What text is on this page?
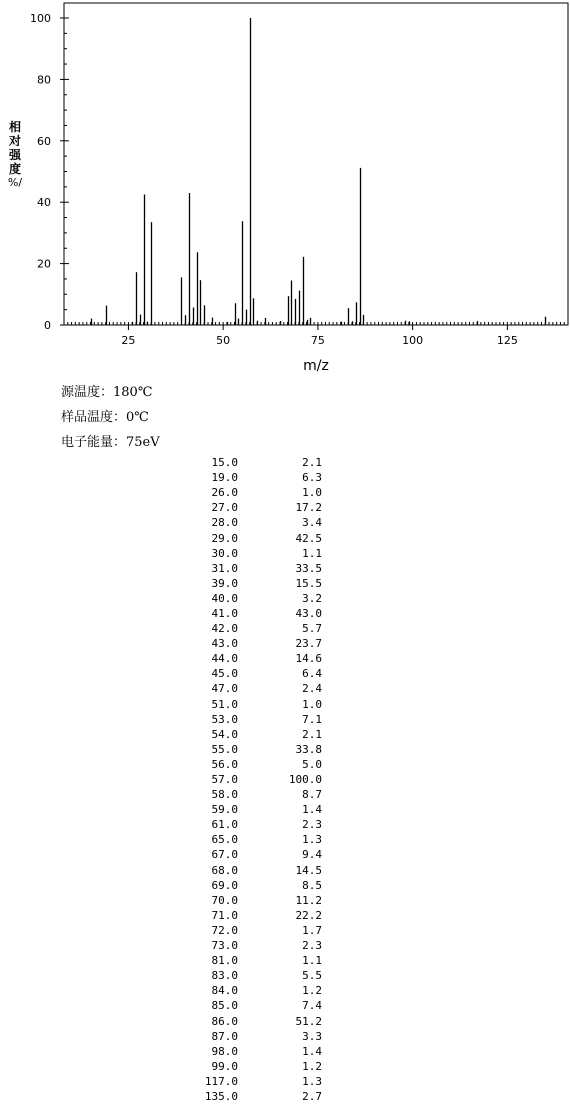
0
20
40
60
80
100
25	50	75	100	125
m/z
相
对
强
度
%/
源温度：180℃
样品温度：0℃
电子能量：75eV
15.0	2.1
19.0	6.3
26.0	1.0
27.0	17.2
28.0	3.4
29.0	42.5
30.0	1.1
31.0	33.5
39.0	15.5
40.0	3.2
41.0	43.0
42.0	5.7
43.0	23.7
44.0	14.6
45.0	6.4
47.0	2.4
51.0	1.0
53.0	7.1
54.0	2.1
55.0	33.8
56.0	5.0
57.0	100.0
58.0	8.7
59.0	1.4
61.0	2.3
65.0	1.3
67.0	9.4
68.0	14.5
69.0	8.5
70.0	11.2
71.0	22.2
72.0	1.7
73.0	2.3
81.0	1.1
83.0	5.5
84.0	1.2
85.0	7.4
86.0	51.2
87.0	3.3
98.0	1.4
99.0	1.2
117.0	1.3
135.0	2.7
